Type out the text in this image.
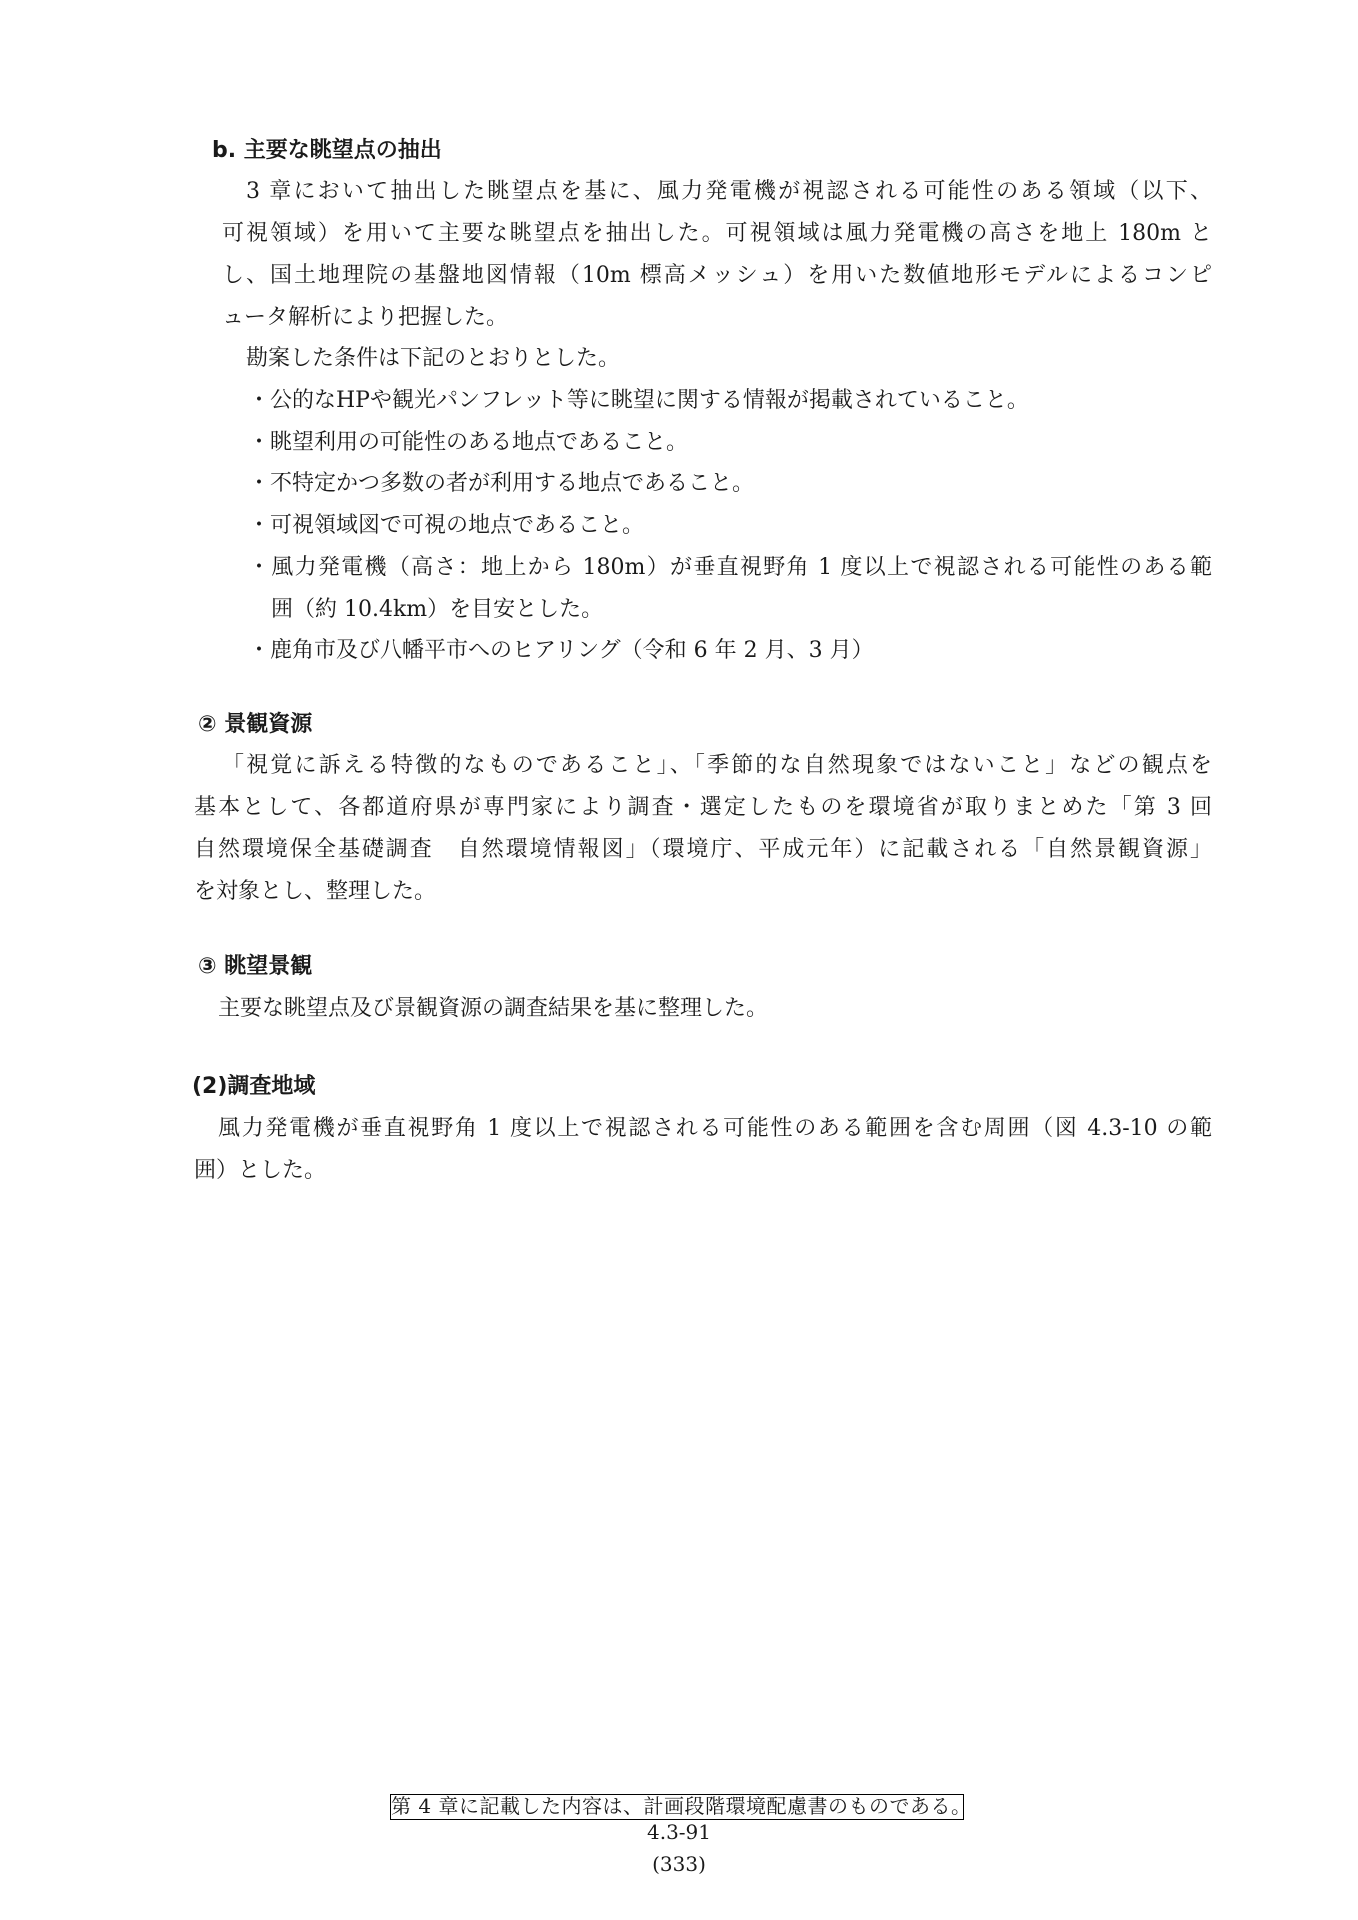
b. 主要な眺望点の抽出
3 章において抽出した眺望点を基に、風力発電機が視認される可能性のある領域（以下、
可視領域）を用いて主要な眺望点を抽出した。可視領域は風力発電機の高さを地上 180m と
し、国土地理院の基盤地図情報（10m 標高メッシュ）を用いた数値地形モデルによるコンピ
ュータ解析により把握した。
勘案した条件は下記のとおりとした。
・公的なHPや観光パンフレット等に眺望に関する情報が掲載されていること。
・眺望利用の可能性のある地点であること。
・不特定かつ多数の者が利用する地点であること。
・可視領域図で可視の地点であること。
・風力発電機（高さ：地上から 180m）が垂直視野角 1 度以上で視認される可能性のある範
囲（約 10.4km）を目安とした。
・鹿角市及び八幡平市へのヒアリング（令和 6 年 2 月、3 月）
② 景観資源
「視覚に訴える特徴的なものであること」、「季節的な自然現象ではないこと」などの観点を
基本として、各都道府県が専門家により調査・選定したものを環境省が取りまとめた「第 3 回
自然環境保全基礎調査　自然環境情報図」（環境庁、平成元年）に記載される「自然景観資源」
を対象とし、整理した。
③ 眺望景観
主要な眺望点及び景観資源の調査結果を基に整理した。
(2)調査地域
風力発電機が垂直視野角 1 度以上で視認される可能性のある範囲を含む周囲（図 4.3-10 の範
囲）とした。
第 4 章に記載した内容は、計画段階環境配慮書のものである。
4.3-91
(333)
